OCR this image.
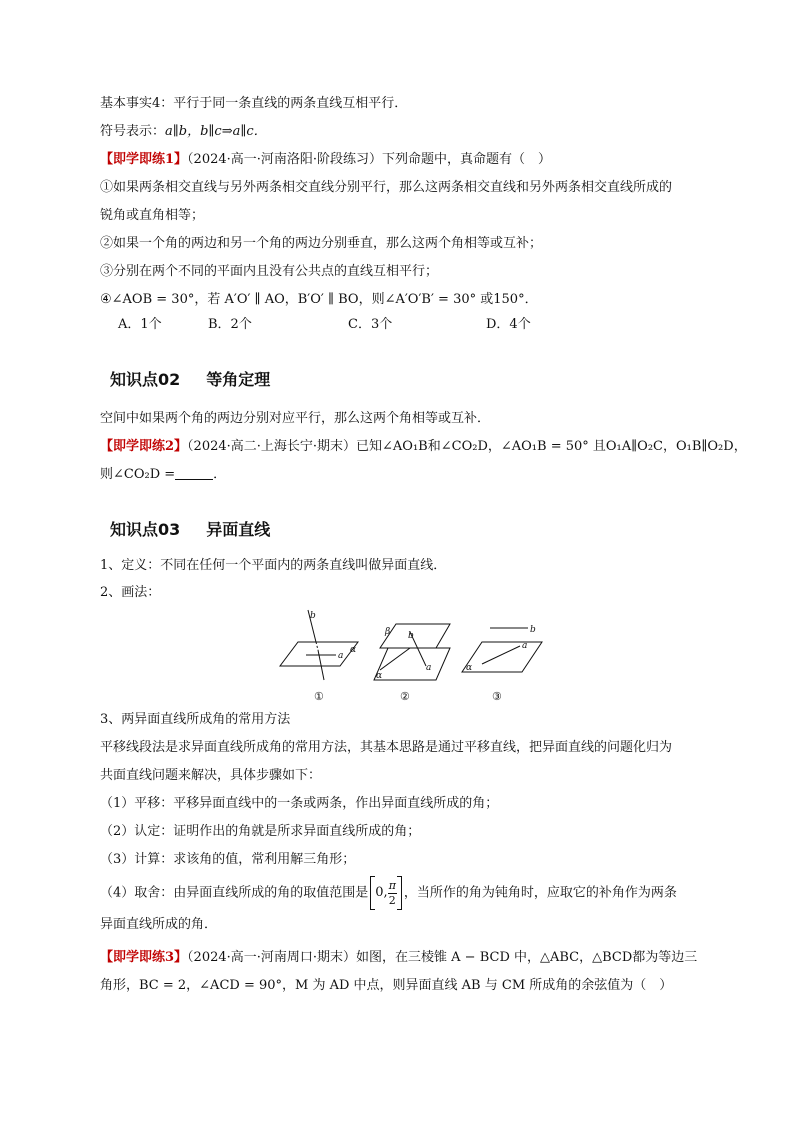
基本事实4：平行于同一条直线的两条直线互相平行．
符号表示：a∥b，b∥c⇒a∥c．
【即学即练1】（2024·高一·河南洛阳·阶段练习）下列命题中，真命题有（　）
①如果两条相交直线与另外两条相交直线分别平行，那么这两条相交直线和另外两条相交直线所成的
锐角或直角相等；
②如果一个角的两边和另一个角的两边分别垂直，那么这两个角相等或互补；
③分别在两个不同的平面内且没有公共点的直线互相平行；
④∠AOB = 30°，若 A′O′ ∥ AO，B′O′ ∥ BO，则∠A′O′B′ = 30° 或150°．
A．1个	B．2个	C．3个	D．4个
知识点02 等角定理
空间中如果两个角的两边分别对应平行，那么这两个角相等或互补．
【即学即练2】（2024·高二·上海长宁·期末）已知∠AO₁B和∠CO₂D，∠AO₁B = 50° 且O₁A∥O₂C，O₁B∥O₂D，
则∠CO₂D =	．
知识点03 异面直线
1、定义：不同在任何一个平面内的两条直线叫做异面直线．
2、画法：
b
α
a
β b
a
α
b
a
α
①	②	③
3、两异面直线所成角的常用方法
平移线段法是求异面直线所成角的常用方法，其基本思路是通过平移直线，把异面直线的问题化归为
共面直线问题来解决，具体步骤如下：
（1）平移：平移异面直线中的一条或两条，作出异面直线所成的角；
（2）认定：证明作出的角就是所求异面直线所成的角；
（3）计算：求该角的值，常利用解三角形；
（4）取舍：由异面直线所成的角的取值范围是 0, $\frac{\pi}{2}$ ，当所作的角为钝角时，应取它的补角作为两条
异面直线所成的角．
【即学即练3】（2024·高一·河南周口·期末）如图，在三棱锥 A − BCD 中，△ABC，△BCD都为等边三
角形，BC = 2，∠ACD = 90°，M 为 AD 中点，则异面直线 AB 与 CM 所成角的余弦值为（　）
